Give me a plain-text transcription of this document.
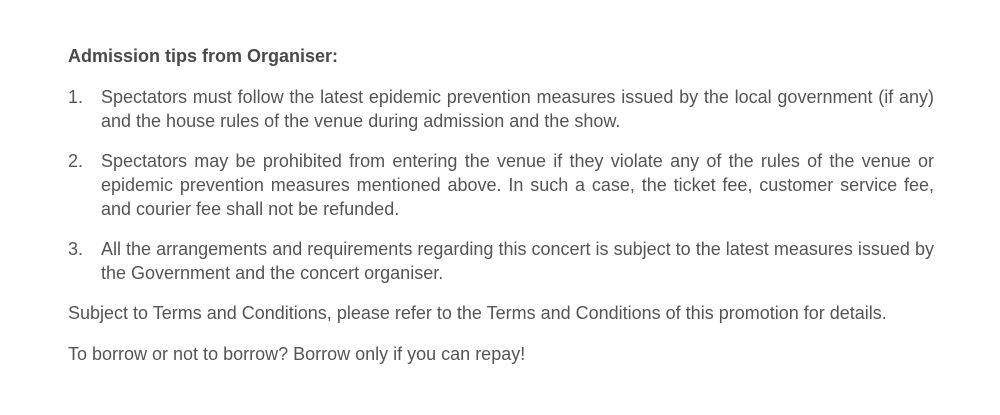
Admission tips from Organiser:
1. Spectators must follow the latest epidemic prevention measures issued by the local government (if any) and the house rules of the venue during admission and the show.
2. Spectators may be prohibited from entering the venue if they violate any of the rules of the venue or epidemic prevention measures mentioned above. In such a case, the ticket fee, customer service fee, and courier fee shall not be refunded.
3. All the arrangements and requirements regarding this concert is subject to the latest measures issued by the Government and the concert organiser.

Subject to Terms and Conditions, please refer to the Terms and Conditions of this promotion for details.

To borrow or not to borrow? Borrow only if you can repay!
